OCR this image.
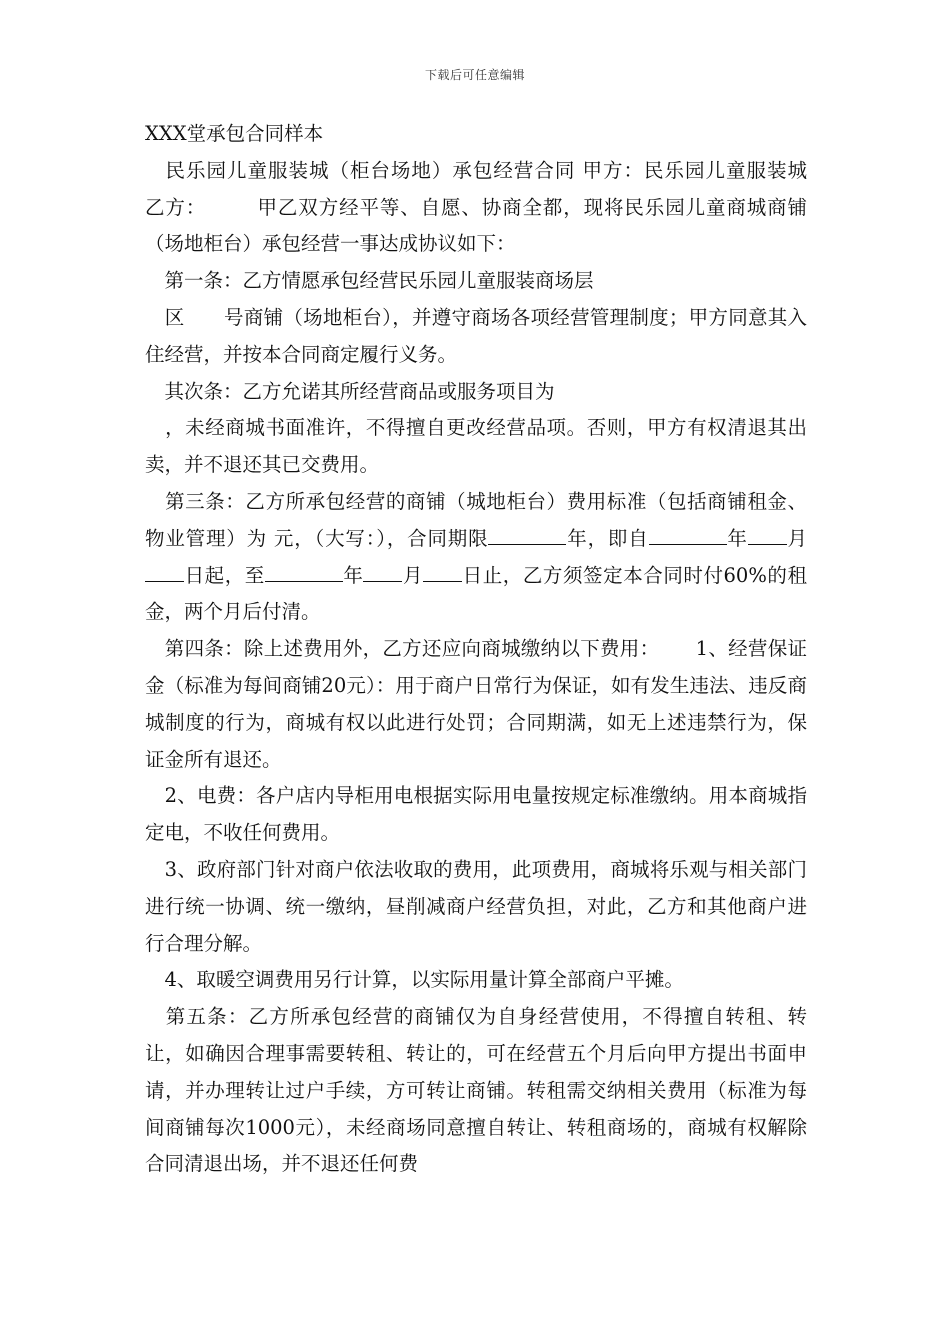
下载后可任意编辑

XXX堂承包合同样本

　民乐园儿童服装城（柜台场地）承包经营合同 甲方：民乐园儿童服装城　　乙方：　　　甲乙双方经平等、自愿、协商全都，现将民乐园儿童商城商铺（场地柜台）承包经营一事达成协议如下：

　第一条：乙方情愿承包经营民乐园儿童服装商场层

　区　　号商铺（场地柜台），并遵守商场各项经营管理制度；甲方同意其入住经营，并按本合同商定履行义务。

　其次条：乙方允诺其所经营商品或服务项目为

　，未经商城书面准许，不得擅自更改经营品项。否则，甲方有权清退其出卖，并不退还其已交费用。

　第三条：乙方所承包经营的商铺（城地柜台）费用标准（包括商铺租金、物业管理）为 元，（大写：），合同期限	年，即自	年 月日起，至	年 月 日止，乙方须签定本合同时付60%的租金，两个月后付清。

　第四条：除上述费用外，乙方还应向商城缴纳以下费用：　　 1、经营保证金（标准为每间商铺20元）：用于商户日常行为保证，如有发生违法、违反商城制度的行为，商城有权以此进行处罚；合同期满，如无上述违禁行为，保证金所有退还。

　2、电费：各户店内导柜用电根据实际用电量按规定标准缴纳。用本商城指定电，不收任何费用。

　3、政府部门针对商户依法收取的费用，此项费用，商城将乐观与相关部门进行统一协调、统一缴纳，昼削减商户经营负担，对此，乙方和其他商户进行合理分解。

　4、取暖空调费用另行计算，以实际用量计算全部商户平摊。

　第五条：乙方所承包经营的商铺仅为自身经营使用，不得擅自转租、转让，如确因合理事需要转租、转让的，可在经营五个月后向甲方提出书面申请，并办理转让过户手续，方可转让商铺。转租需交纳相关费用（标准为每间商铺每次1000元），未经商场同意擅自转让、转租商场的，商城有权解除合同清退出场，并不退还任何费
